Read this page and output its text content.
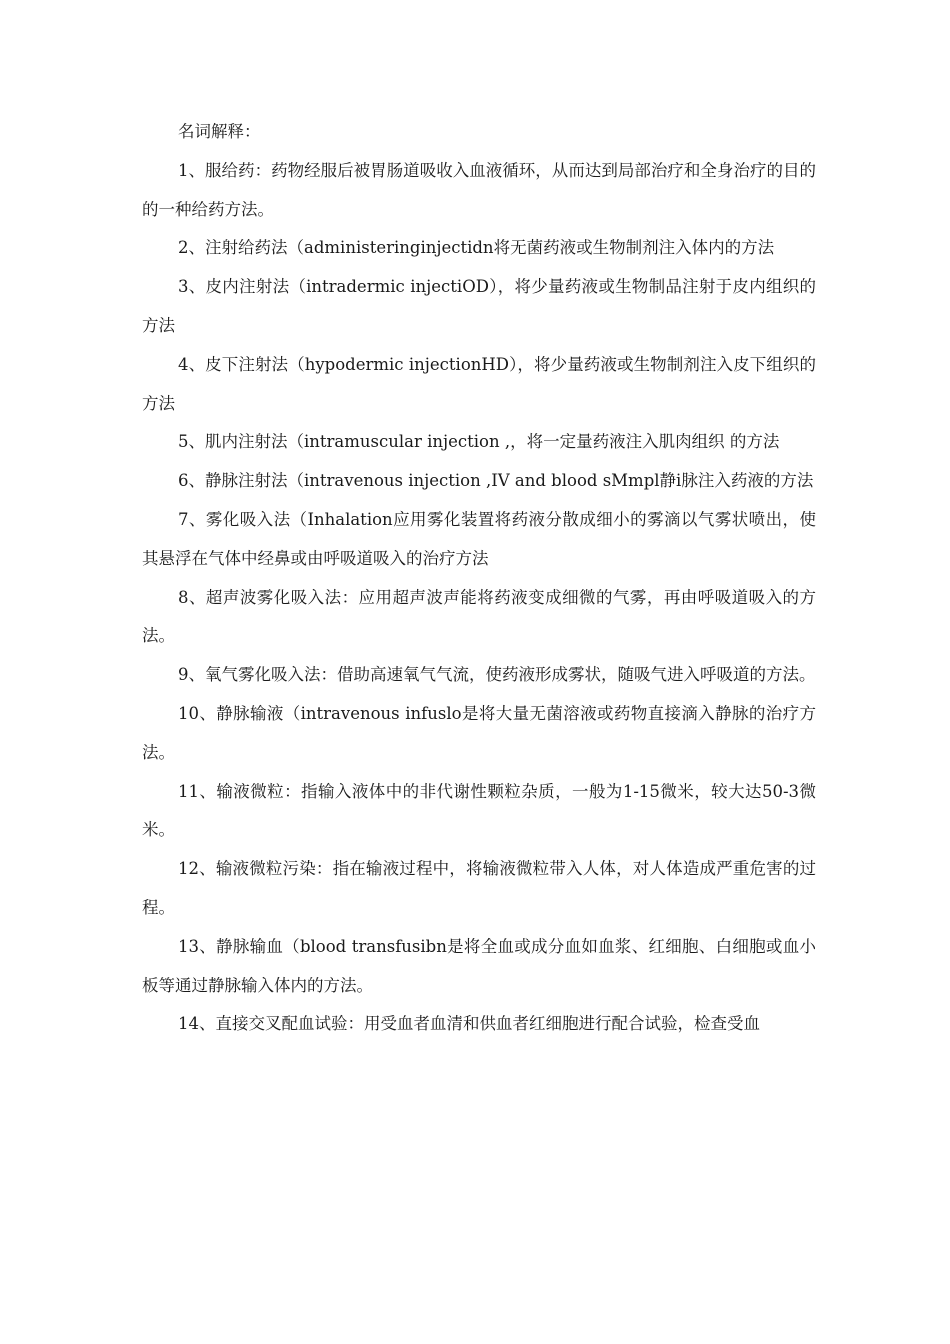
名词解释：

1、服给药：药物经服后被胃肠道吸收入血液循环，从而达到局部治疗和全身治疗的目的的一种给药方法。

2、注射给药法（administeringinjectidn将无菌药液或生物制剂注入体内的方法

3、皮内注射法（intradermic injectiOD），将少量药液或生物制品注射于皮内组织的方法

4、皮下注射法（hypodermic injectionHD），将少量药液或生物制剂注入皮下组织的方法

5、肌内注射法（intramuscular injection ,，将一定量药液注入肌肉组织 的方法

6、静脉注射法（intravenous injection ,IV and blood sMmpl静i脉注入药液的方法

7、雾化吸入法（Inhalation应用雾化装置将药液分散成细小的雾滴以气雾状喷出，使其悬浮在气体中经鼻或由呼吸道吸入的治疗方法

8、超声波雾化吸入法：应用超声波声能将药液变成细微的气雾，再由呼吸道吸入的方法。

9、氧气雾化吸入法：借助高速氧气气流，使药液形成雾状，随吸气进入呼吸道的方法。

10、静脉输液（intravenous infuslo是将大量无菌溶液或药物直接滴入静脉的治疗方法。

11、输液微粒：指输入液体中的非代谢性颗粒杂质，一般为1-15微米，较大达50-3微米。

12、输液微粒污染：指在输液过程中，将输液微粒带入人体，对人体造成严重危害的过程。

13、静脉输血（blood transfusibn是将全血或成分血如血浆、红细胞、白细胞或血小板等通过静脉输入体内的方法。

14、直接交叉配血试验：用受血者血清和供血者红细胞进行配合试验，检查受血
